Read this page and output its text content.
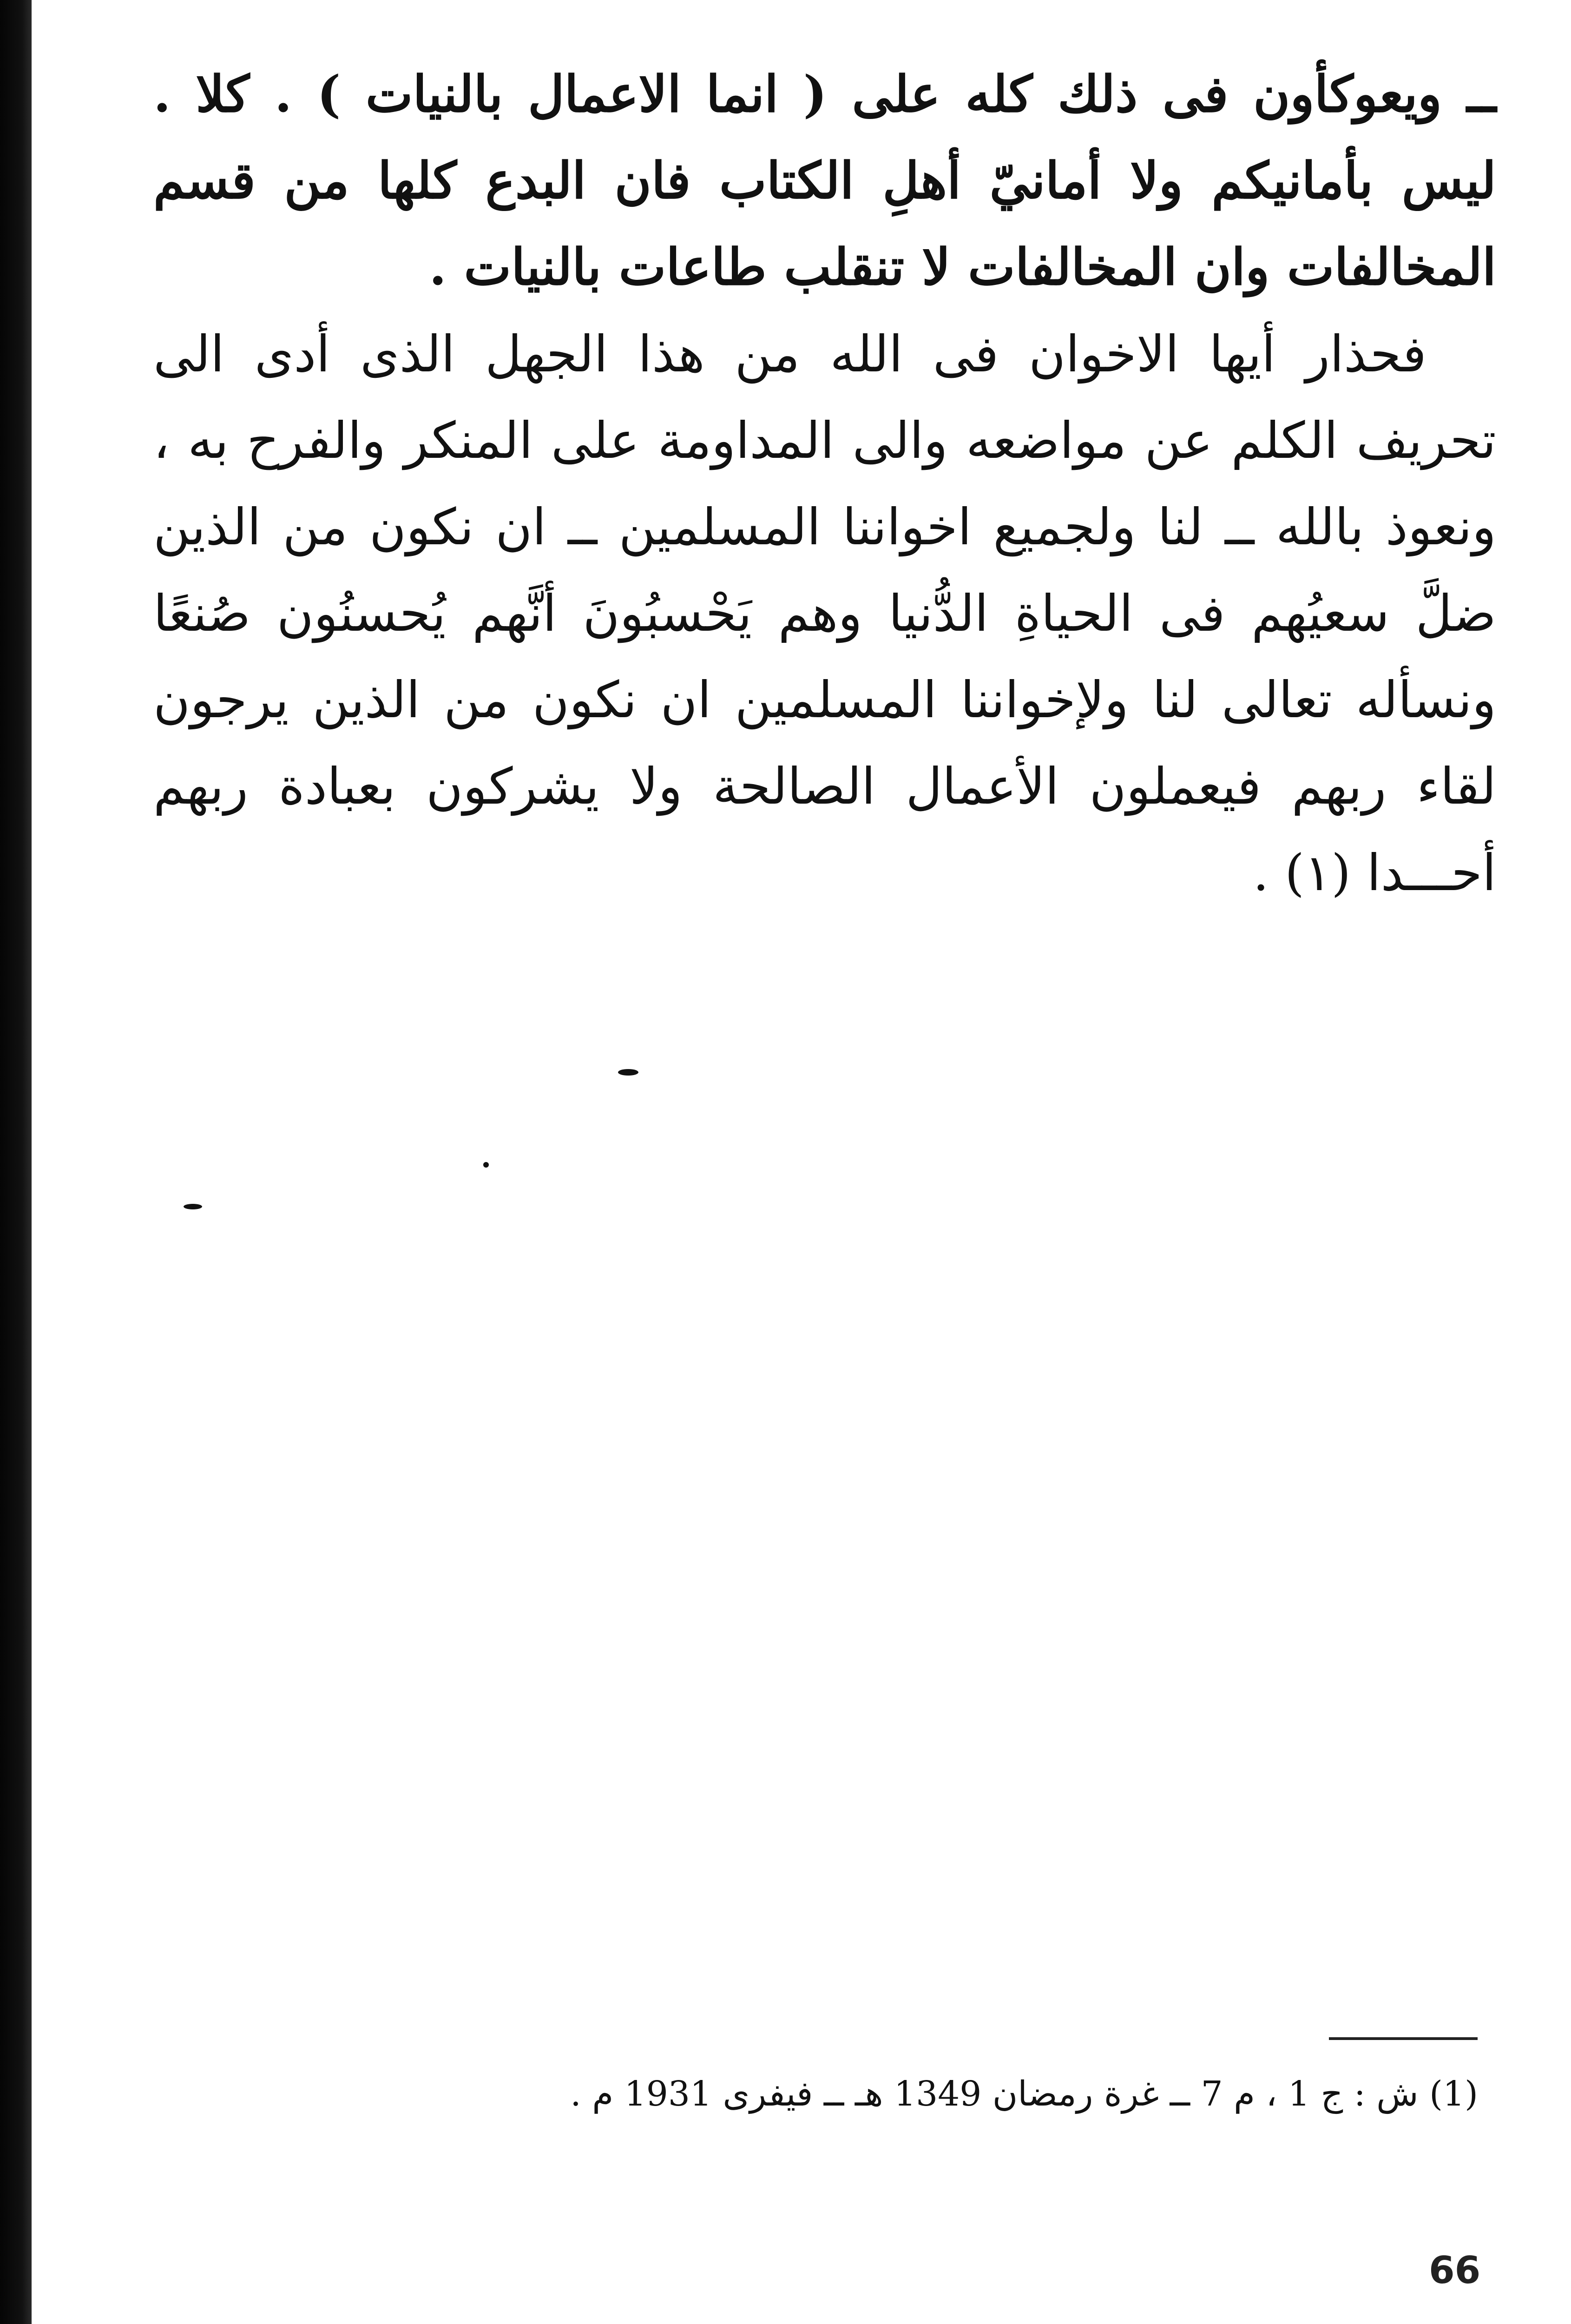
ــ ويعوكأون فى ذلك كله على ( انما الاعمال بالنيات ) . كلا . ليس بأمانيكم ولا أمانيّ أهلِ الكتاب فان البدع كلها من قسم المخالفات وان المخالفات لا تنقلب طاعات بالنيات .

فحذار أيها الاخوان فى الله من هذا الجهل الذى أدى الى تحريف الكلم عن مواضعه والى المداومة على المنكر والفرح به ، ونعوذ بالله ــ لنا ولجميع اخواننا المسلمين ــ ان نكون من الذين ضلَّ سعيُهم فى الحياةِ الدُّنيا وهم يَحْسبُونَ أنَّهم يُحسنُون صُنعًا ونسأله تعالى لنا ولإخواننا المسلمين ان نكون من الذين يرجون لقاء ربهم فيعملون الأعمال الصالحة ولا يشركون بعبادة ربهم أحـــدا (١) .

(1) ش : ج 1 ، م 7 ــ غرة رمضان 1349 هـ ــ فيفرى 1931 م .

66
